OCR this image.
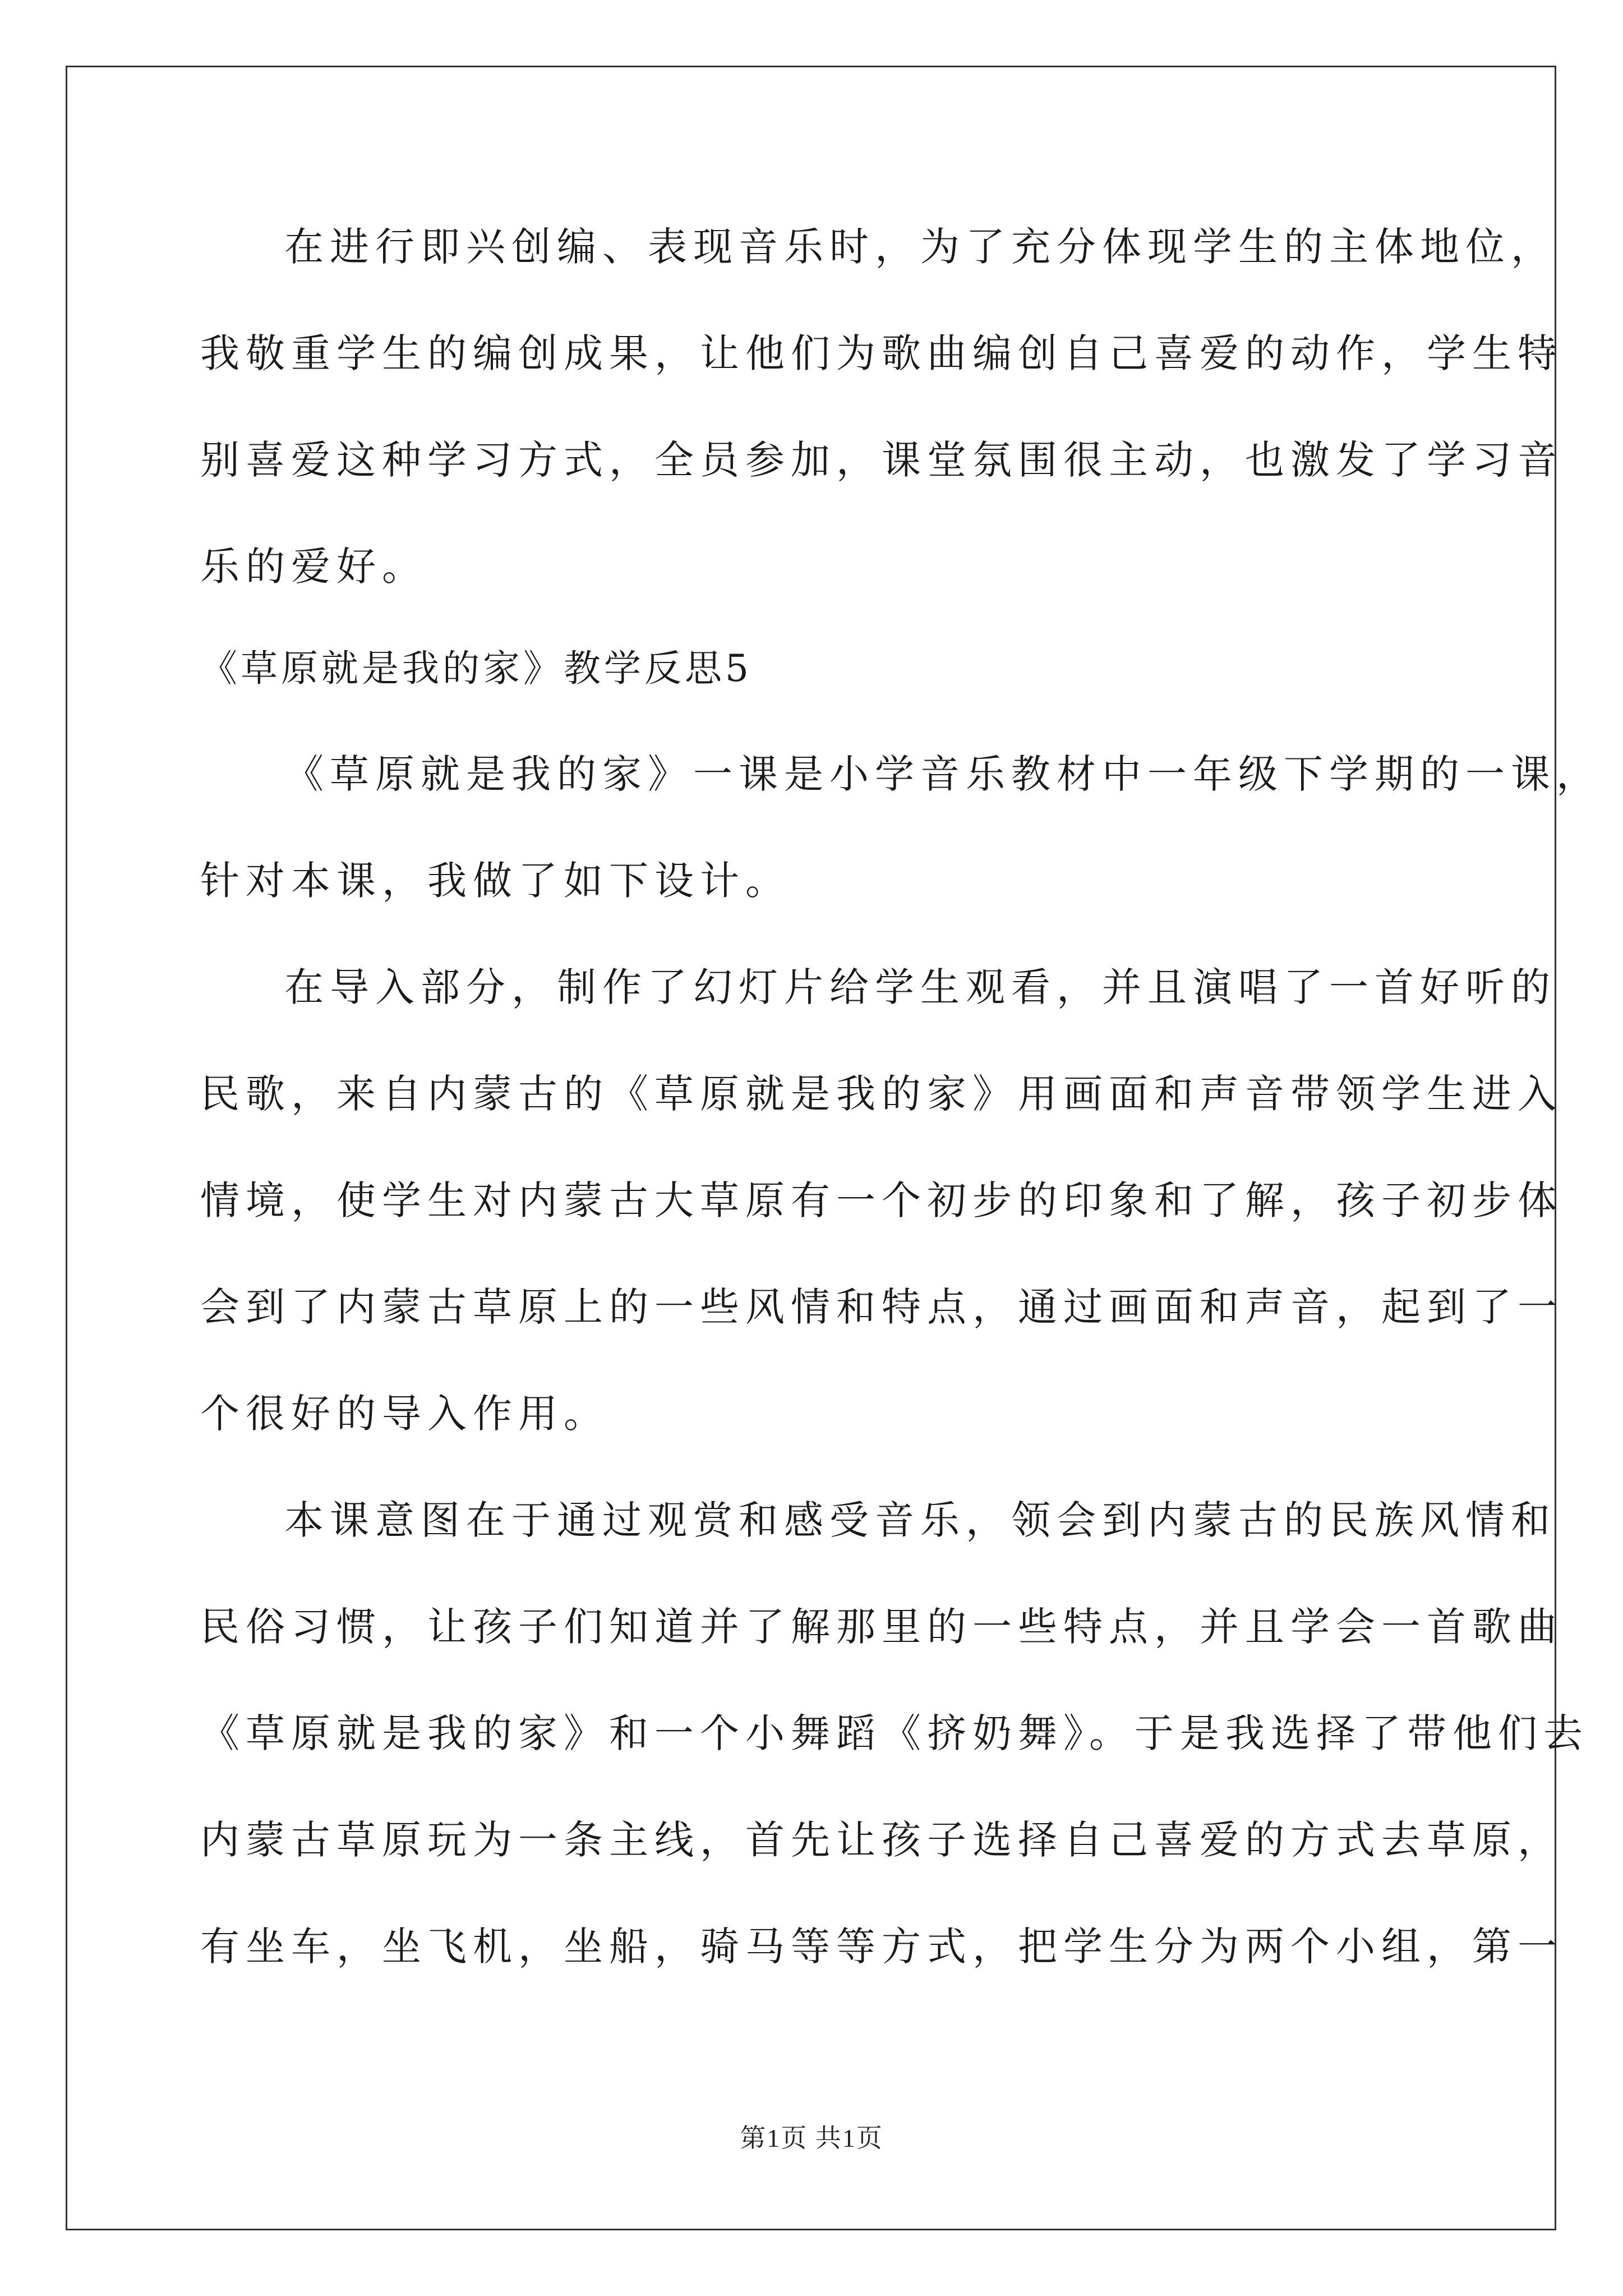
在进行即兴创编、表现音乐时，为了充分体现学生的主体地位，
我敬重学生的编创成果，让他们为歌曲编创自己喜爱的动作，学生特
别喜爱这种学习方式，全员参加，课堂氛围很主动，也激发了学习音
乐的爱好。
《草原就是我的家》教学反思5
《草原就是我的家》一课是小学音乐教材中一年级下学期的一课，
针对本课，我做了如下设计。
在导入部分，制作了幻灯片给学生观看，并且演唱了一首好听的
民歌，来自内蒙古的《草原就是我的家》用画面和声音带领学生进入
情境，使学生对内蒙古大草原有一个初步的印象和了解，孩子初步体
会到了内蒙古草原上的一些风情和特点，通过画面和声音，起到了一
个很好的导入作用。
本课意图在于通过观赏和感受音乐，领会到内蒙古的民族风情和
民俗习惯，让孩子们知道并了解那里的一些特点，并且学会一首歌曲
《草原就是我的家》和一个小舞蹈《挤奶舞》。于是我选择了带他们去
内蒙古草原玩为一条主线，首先让孩子选择自己喜爱的方式去草原，
有坐车，坐飞机，坐船，骑马等等方式，把学生分为两个小组，第一
第1页 共1页
